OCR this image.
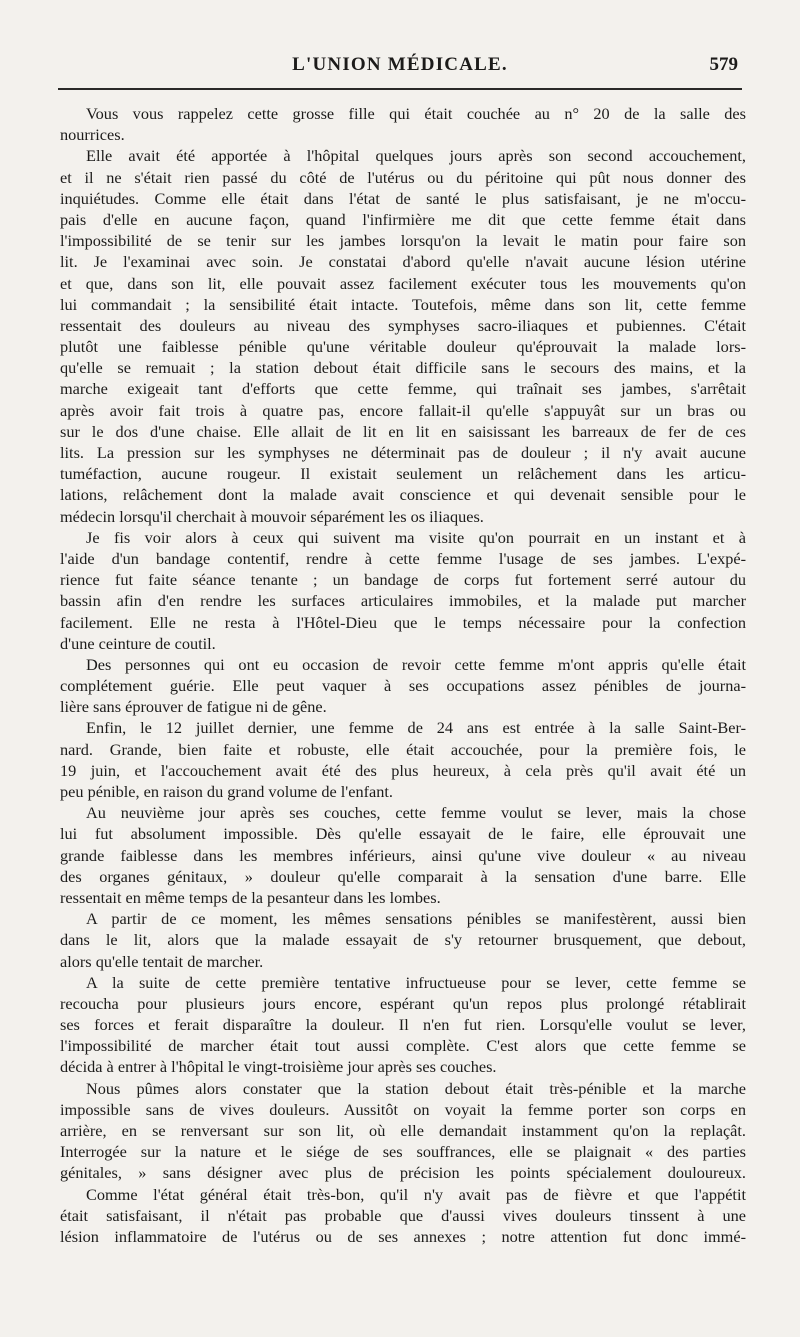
L'UNION MÉDICALE.	579
Vous vous rappelez cette grosse fille qui était couchée au n° 20 de la salle des
nourrices.
Elle avait été apportée à l'hôpital quelques jours après son second accouchement,
et il ne s'était rien passé du côté de l'utérus ou du péritoine qui pût nous donner des
inquiétudes. Comme elle était dans l'état de santé le plus satisfaisant, je ne m'occu-
pais d'elle en aucune façon, quand l'infirmière me dit que cette femme était dans
l'impossibilité de se tenir sur les jambes lorsqu'on la levait le matin pour faire son
lit. Je l'examinai avec soin. Je constatai d'abord qu'elle n'avait aucune lésion utérine
et que, dans son lit, elle pouvait assez facilement exécuter tous les mouvements qu'on
lui commandait ; la sensibilité était intacte. Toutefois, même dans son lit, cette femme
ressentait des douleurs au niveau des symphyses sacro-iliaques et pubiennes. C'était
plutôt une faiblesse pénible qu'une véritable douleur qu'éprouvait la malade lors-
qu'elle se remuait ; la station debout était difficile sans le secours des mains, et la
marche exigeait tant d'efforts que cette femme, qui traînait ses jambes, s'arrêtait
après avoir fait trois à quatre pas, encore fallait-il qu'elle s'appuyât sur un bras ou
sur le dos d'une chaise. Elle allait de lit en lit en saisissant les barreaux de fer de ces
lits. La pression sur les symphyses ne déterminait pas de douleur ; il n'y avait aucune
tuméfaction, aucune rougeur. Il existait seulement un relâchement dans les articu-
lations, relâchement dont la malade avait conscience et qui devenait sensible pour le
médecin lorsqu'il cherchait à mouvoir séparément les os iliaques.
Je fis voir alors à ceux qui suivent ma visite qu'on pourrait en un instant et à
l'aide d'un bandage contentif, rendre à cette femme l'usage de ses jambes. L'expé-
rience fut faite séance tenante ; un bandage de corps fut fortement serré autour du
bassin afin d'en rendre les surfaces articulaires immobiles, et la malade put marcher
facilement. Elle ne resta à l'Hôtel-Dieu que le temps nécessaire pour la confection
d'une ceinture de coutil.
Des personnes qui ont eu occasion de revoir cette femme m'ont appris qu'elle était
complétement guérie. Elle peut vaquer à ses occupations assez pénibles de journa-
lière sans éprouver de fatigue ni de gêne.
Enfin, le 12 juillet dernier, une femme de 24 ans est entrée à la salle Saint-Ber-
nard. Grande, bien faite et robuste, elle était accouchée, pour la première fois, le
19 juin, et l'accouchement avait été des plus heureux, à cela près qu'il avait été un
peu pénible, en raison du grand volume de l'enfant.
Au neuvième jour après ses couches, cette femme voulut se lever, mais la chose
lui fut absolument impossible. Dès qu'elle essayait de le faire, elle éprouvait une
grande faiblesse dans les membres inférieurs, ainsi qu'une vive douleur « au niveau
des organes génitaux, » douleur qu'elle comparait à la sensation d'une barre. Elle
ressentait en même temps de la pesanteur dans les lombes.
A partir de ce moment, les mêmes sensations pénibles se manifestèrent, aussi bien
dans le lit, alors que la malade essayait de s'y retourner brusquement, que debout,
alors qu'elle tentait de marcher.
A la suite de cette première tentative infructueuse pour se lever, cette femme se
recoucha pour plusieurs jours encore, espérant qu'un repos plus prolongé rétablirait
ses forces et ferait disparaître la douleur. Il n'en fut rien. Lorsqu'elle voulut se lever,
l'impossibilité de marcher était tout aussi complète. C'est alors que cette femme se
décida à entrer à l'hôpital le vingt-troisième jour après ses couches.
Nous pûmes alors constater que la station debout était très-pénible et la marche
impossible sans de vives douleurs. Aussitôt on voyait la femme porter son corps en
arrière, en se renversant sur son lit, où elle demandait instamment qu'on la replaçât.
Interrogée sur la nature et le siége de ses souffrances, elle se plaignait « des parties
génitales, » sans désigner avec plus de précision les points spécialement douloureux.
Comme l'état général était très-bon, qu'il n'y avait pas de fièvre et que l'appétit
était satisfaisant, il n'était pas probable que d'aussi vives douleurs tinssent à une
lésion inflammatoire de l'utérus ou de ses annexes ; notre attention fut donc immé-
